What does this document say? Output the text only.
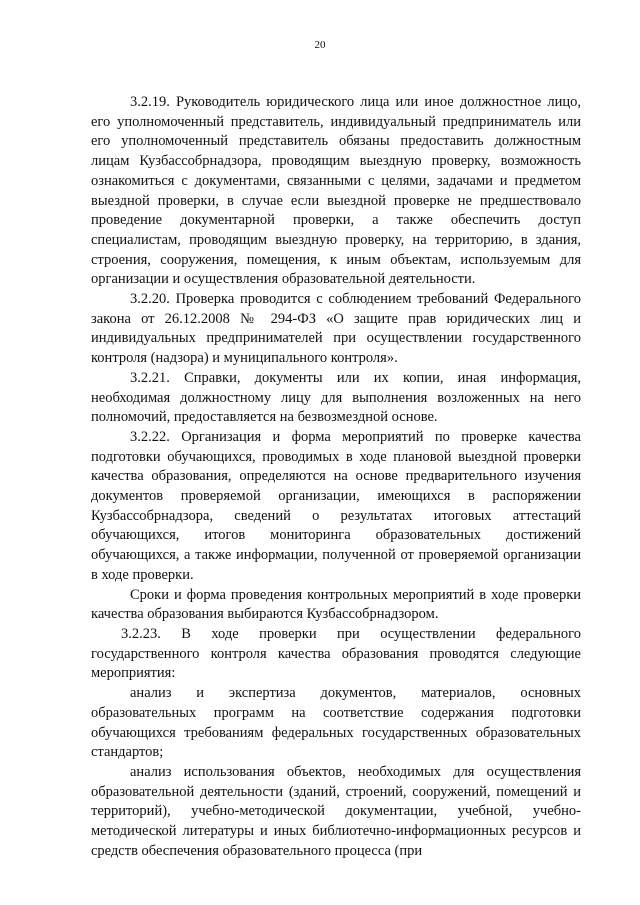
20

3.2.19. Руководитель юридического лица или иное должностное лицо, его уполномоченный представитель, индивидуальный предприниматель или его уполномоченный представитель обязаны предоставить должностным лицам Кузбассобрнадзора, проводящим выездную проверку, возможность ознакомиться с документами, связанными с целями, задачами и предметом выездной проверки, в случае если выездной проверке не предшествовало проведение документарной проверки, а также обеспечить доступ специалистам, проводящим выездную проверку, на территорию, в здания, строения, сооружения, помещения, к иным объектам, используемым для организации и осуществления образовательной деятельности.

3.2.20. Проверка проводится с соблюдением требований Федерального закона от 26.12.2008 № 294-ФЗ «О защите прав юридических лиц и индивидуальных предпринимателей при осуществлении государственного контроля (надзора) и муниципального контроля».

3.2.21. Справки, документы или их копии, иная информация, необходимая должностному лицу для выполнения возложенных на него полномочий, предоставляется на безвозмездной основе.

3.2.22. Организация и форма мероприятий по проверке качества подготовки обучающихся, проводимых в ходе плановой выездной проверки качества образования, определяются на основе предварительного изучения документов проверяемой организации, имеющихся в распоряжении Кузбассобрнадзора, сведений о результатах итоговых аттестаций обучающихся, итогов мониторинга образовательных достижений обучающихся, а также информации, полученной от проверяемой организации в ходе проверки.

Сроки и форма проведения контрольных мероприятий в ходе проверки качества образования выбираются Кузбассобрнадзором.

3.2.23. В ходе проверки при осуществлении федерального государственного контроля качества образования проводятся следующие мероприятия:

анализ и экспертиза документов, материалов, основных образовательных программ на соответствие содержания подготовки обучающихся требованиям федеральных государственных образовательных стандартов;

анализ использования объектов, необходимых для осуществления образовательной деятельности (зданий, строений, сооружений, помещений и территорий), учебно-методической документации, учебной, учебно-методической литературы и иных библиотечно-информационных ресурсов и средств обеспечения образовательного процесса (при
